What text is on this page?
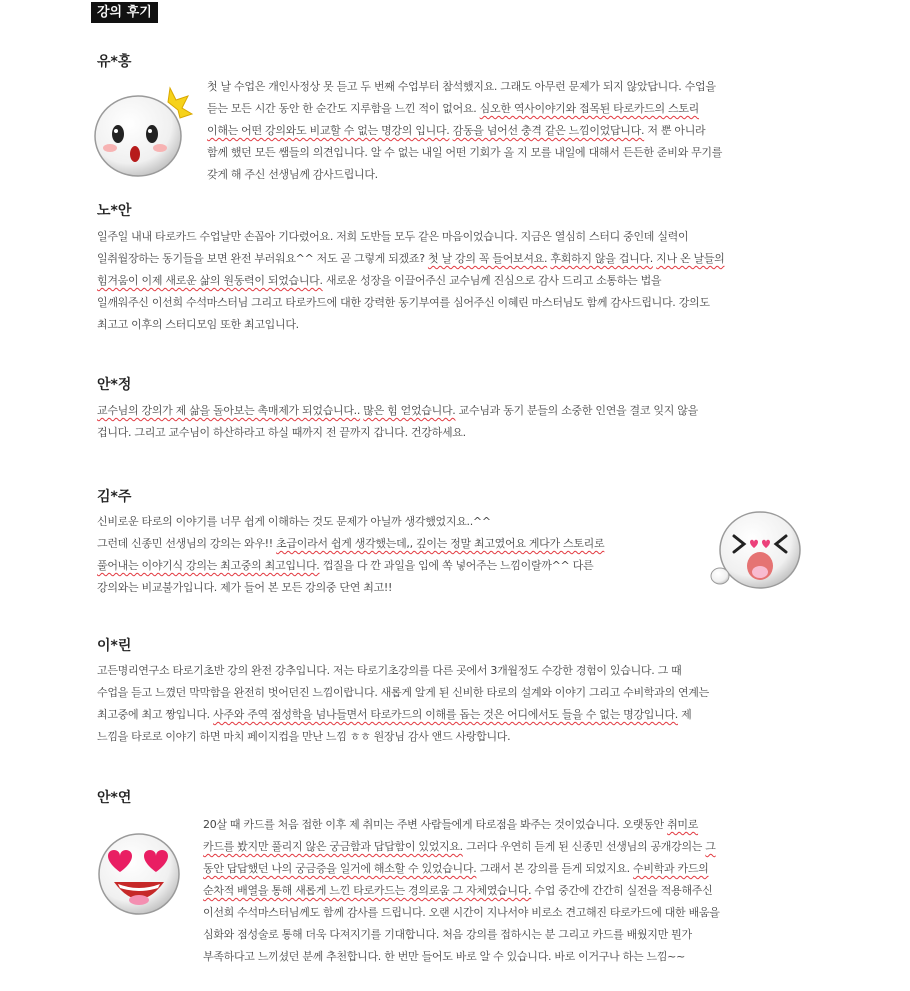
강의 후기
유*홍
첫 날 수업은 개인사정상 못 듣고 두 번째 수업부터 참석했지요. 그래도 아무런 문제가 되지 않았답니다. 수업을
듣는 모든 시간 동안 한 순간도 지루함을 느낀 적이 없어요. 심오한 역사이야기와 접목된 타로카드의 스토리
이해는 어떤 강의와도 비교할 수 없는 명강의 입니다. 감동을 넘어선 충격 같은 느낌이었답니다. 저 뿐 아니라
함께 했던 모든 쌤들의 의견입니다. 알 수 없는 내일 어떤 기회가 올 지 모를 내일에 대해서 든든한 준비와 무기를
갖게 해 주신 선생님께 감사드립니다.
노*안
일주일 내내 타로카드 수업날만 손꼽아 기다렸어요. 저희 도반들 모두 같은 마음이었습니다. 지금은 열심히 스터디 중인데 실력이
일취월장하는 동기들을 보면 완전 부러워요^^ 저도 곧 그렇게 되겠죠? 첫 날 강의 꼭 들어보셔요. 후회하지 않을 겁니다. 지나 온 날들의
힘겨움이 이제 새로운 삶의 원동력이 되었습니다. 새로운 성장을 이끌어주신 교수님께 진심으로 감사 드리고 소통하는 법을
일깨워주신 이선희 수석마스터님 그리고 타로카드에 대한 강력한 동기부여를 심어주신 이혜린 마스터님도 함께 감사드립니다. 강의도
최고고 이후의 스터디모임 또한 최고입니다.
안*정
교수님의 강의가 제 삶을 돌아보는 촉매제가 되었습니다.. 많은 힘 얻었습니다. 교수님과 동기 분들의 소중한 인연을 결코 잊지 않을
겁니다. 그리고 교수님이 하산하라고 하실 때까지 전 끝까지 갑니다. 건강하세요.
김*주
신비로운 타로의 이야기를 너무 쉽게 이해하는 것도 문제가 아닐까 생각했었지요..^^
그런데 신종민 선생님의 강의는 와우!! 초급이라서 쉽게 생각했는데,, 깊이는 정말 최고였어요 게다가 스토리로
풀어내는 이야기식 강의는 최고중의 최고입니다. 껍질을 다 깐 과일을 입에 쏙 넣어주는 느낌이랄까^^ 다른
강의와는 비교불가입니다. 제가 들어 본 모든 강의중 단연 최고!!
이*린
고든명리연구소 타로기초반 강의 완전 강추입니다. 저는 타로기초강의를 다른 곳에서 3개월정도 수강한 경험이 있습니다. 그 때
수업을 듣고 느꼈던 막막함을 완전히 벗어던진 느낌이랍니다. 새롭게 알게 된 신비한 타로의 설계와 이야기 그리고 수비학과의 연계는
최고중에 최고 짱입니다. 사주와 주역 점성학을 넘나들면서 타로카드의 이해를 돕는 것은 어디에서도 들을 수 없는 명강입니다. 제
느낌을 타로로 이야기 하면 마치 페이지컵을 만난 느낌 ㅎㅎ 원장님 감사 앤드 사랑합니다.
안*연
20살 때 카드를 처음 접한 이후 제 취미는 주변 사람들에게 타로점을 봐주는 것이었습니다. 오랫동안 취미로
카드를 봤지만 풀리지 않은 궁금함과 답답함이 있었지요. 그러다 우연히 듣게 된 신종민 선생님의 공개강의는 그
동안 답답했던 나의 궁금증을 일거에 해소할 수 있었습니다. 그래서 본 강의를 듣게 되었지요. 수비학과 카드의
순차적 배열을 통해 새롭게 느낀 타로카드는 경의로움 그 자체였습니다. 수업 중간에 간간히 실전을 적용해주신
이선희 수석마스터님께도 함께 감사를 드립니다. 오랜 시간이 지나서야 비로소 견고해진 타로카드에 대한 배움을
심화와 점성술로 통해 더욱 다져지기를 기대합니다. 처음 강의를 접하시는 분 그리고 카드를 배웠지만 뭔가
부족하다고 느끼셨던 분께 추천합니다. 한 번만 들어도 바로 알 수 있습니다. 바로 이거구나 하는 느낌~~
